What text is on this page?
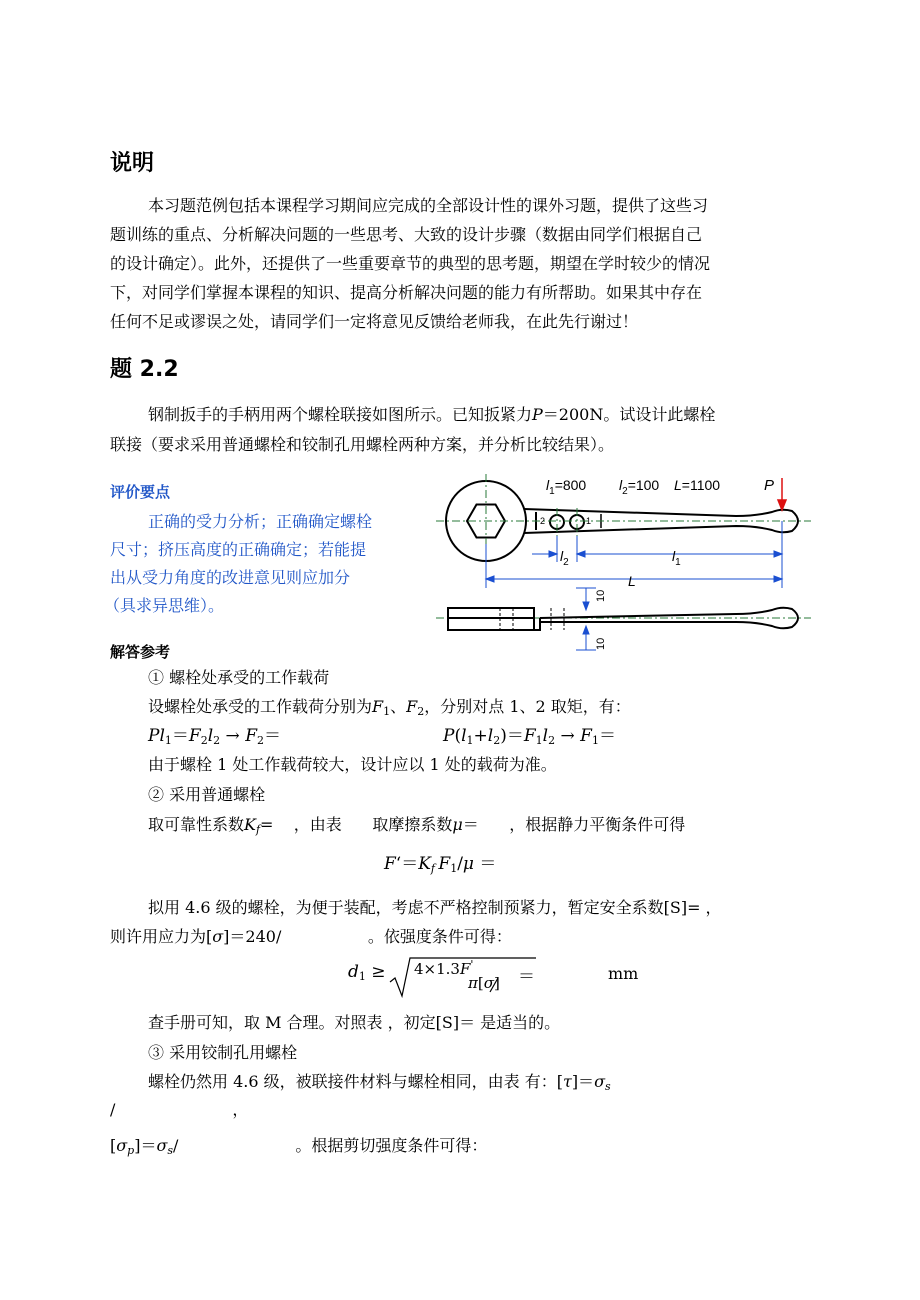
说明
本习题范例包括本课程学习期间应完成的全部设计性的课外习题，提供了这些习
题训练的重点、分析解决问题的一些思考、大致的设计步骤（数据由同学们根据自己
的设计确定）。此外，还提供了一些重要章节的典型的思考题，期望在学时较少的情况
下，对同学们掌握本课程的知识、提高分析解决问题的能力有所帮助。如果其中存在
任何不足或谬误之处，请同学们一定将意见反馈给老师我，在此先行谢过！
题 2.2
钢制扳手的手柄用两个螺栓联接如图所示。已知扳紧力P＝200N。试设计此螺栓
联接（要求采用普通螺栓和铰制孔用螺栓两种方案，并分析比较结果）。
评价要点
正确的受力分析；正确确定螺栓
尺寸；挤压高度的正确确定；若能提
出从受力角度的改进意见则应加分
（具求异思维）。
$l_1=800$ $l_2=100$ L=1100	P
2	1
$l_2$	$l_1$
L
10
10
解答参考
① 螺栓处承受的工作载荷
设螺栓处承受的工作载荷分别为$F_1$、$F_2$，分别对点 1、2 取矩，有：
$Pl_1=F_2l_2 \to F_2=$	$P(l_1+l_2)=F_1l_2 \to F_1=$
由于螺栓 1 处工作载荷较大，设计应以 1 处的载荷为准。
② 采用普通螺栓
取可靠性系数$K_f=$    ，由表 取摩擦系数μ＝      ，根据静力平衡条件可得
$F‘=K_f$  $F_1/\mu$ ＝
拟用 4.6 级的螺栓，为便于装配，考虑不严格控制预紧力，暂定安全系数[S]= ，
则许用应力为[σ]＝240/	。依强度条件可得：
$d_1 \ge 4\times 1.3F'$
π[σ] ＝	mm
查手册可知，取 M 合理。对照表 ，初定[S]＝ 是适当的。
③ 采用铰制孔用螺栓
螺栓仍然用 4.6 级，被联接件材料与螺栓相同，由表 有：$[\tau]=\sigma_s$
/	，
$[\sigma_p]=\sigma_s/$                       。根据剪切强度条件可得：
